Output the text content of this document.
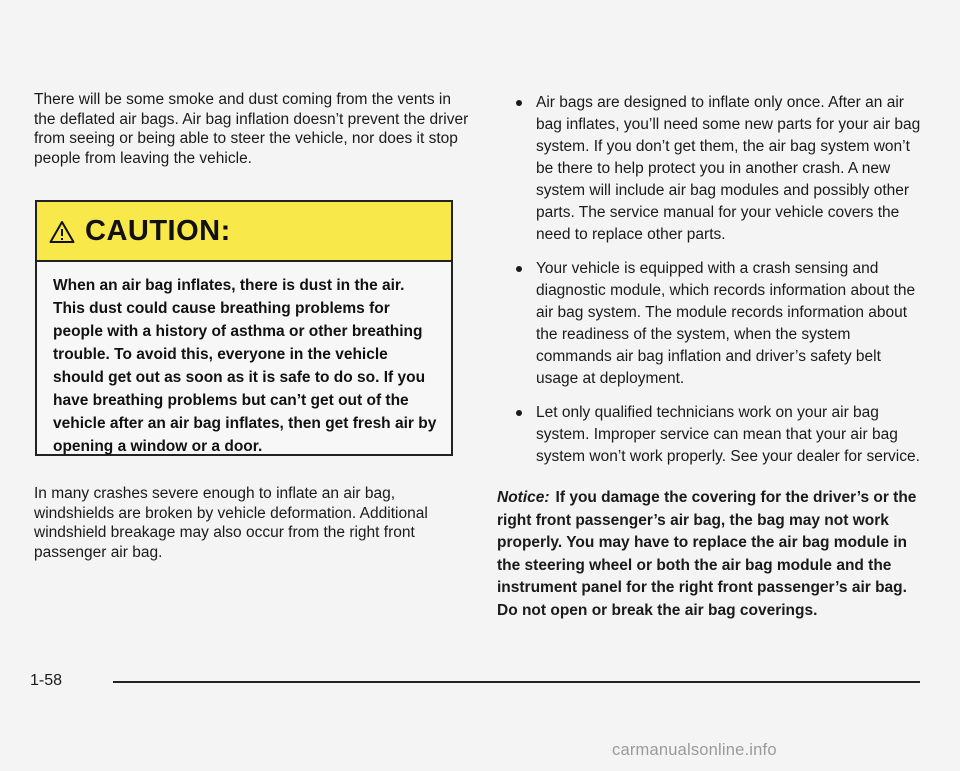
There will be some smoke and dust coming from the vents in the deflated air bags. Air bag inflation doesn’t prevent the driver from seeing or being able to steer the vehicle, nor does it stop people from leaving the vehicle.

CAUTION:
When an air bag inflates, there is dust in the air. This dust could cause breathing problems for people with a history of asthma or other breathing trouble. To avoid this, everyone in the vehicle should get out as soon as it is safe to do so. If you have breathing problems but can’t get out of the vehicle after an air bag inflates, then get fresh air by opening a window or a door.

In many crashes severe enough to inflate an air bag, windshields are broken by vehicle deformation. Additional windshield breakage may also occur from the right front passenger air bag.

Air bags are designed to inflate only once. After an air bag inflates, you’ll need some new parts for your air bag system. If you don’t get them, the air bag system won’t be there to help protect you in another crash. A new system will include air bag modules and possibly other parts. The service manual for your vehicle covers the need to replace other parts.
Your vehicle is equipped with a crash sensing and diagnostic module, which records information about the air bag system. The module records information about the readiness of the system, when the system commands air bag inflation and driver’s safety belt usage at deployment.
Let only qualified technicians work on your air bag system. Improper service can mean that your air bag system won’t work properly. See your dealer for service.

Notice: If you damage the covering for the driver’s or the right front passenger’s air bag, the bag may not work properly. You may have to replace the air bag module in the steering wheel or both the air bag module and the instrument panel for the right front passenger’s air bag. Do not open or break the air bag coverings.

1-58
carmanualsonline.info
